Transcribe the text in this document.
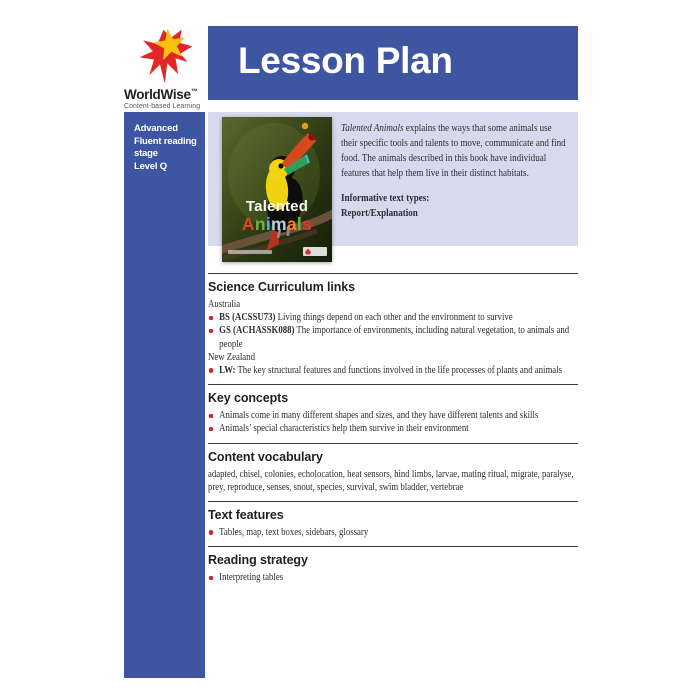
WorldWise™
Content-based Learning
Lesson Plan
Advanced Fluent reading stage
Level Q
Talented
Animals

Talented Animals explains the ways that some animals use their specific tools and talents to move, communicate and find food. The animals described in this book have individual features that help them live in their distinct habitats.

Informative text types:
Report/Explanation
Science Curriculum links
Australia
BS (ACSSU73) Living things depend on each other and the environment to survive
GS (ACHASSK088) The importance of environments, including natural vegetation, to animals and people
New Zealand
LW: The key structural features and functions involved in the life processes of plants and animals
Key concepts
Animals come in many different shapes and sizes, and they have different talents and skills
Animals’ special characteristics help them survive in their environment
Content vocabulary
adapted, chisel, colonies, echolocation, heat sensors, hind limbs, larvae, mating ritual, migrate, paralyse, prey, reproduce, senses, snout, species, survival, swim bladder, vertebrae
Text features
Tables, map, text boxes, sidebars, glossary
Reading strategy
Interpreting tables
